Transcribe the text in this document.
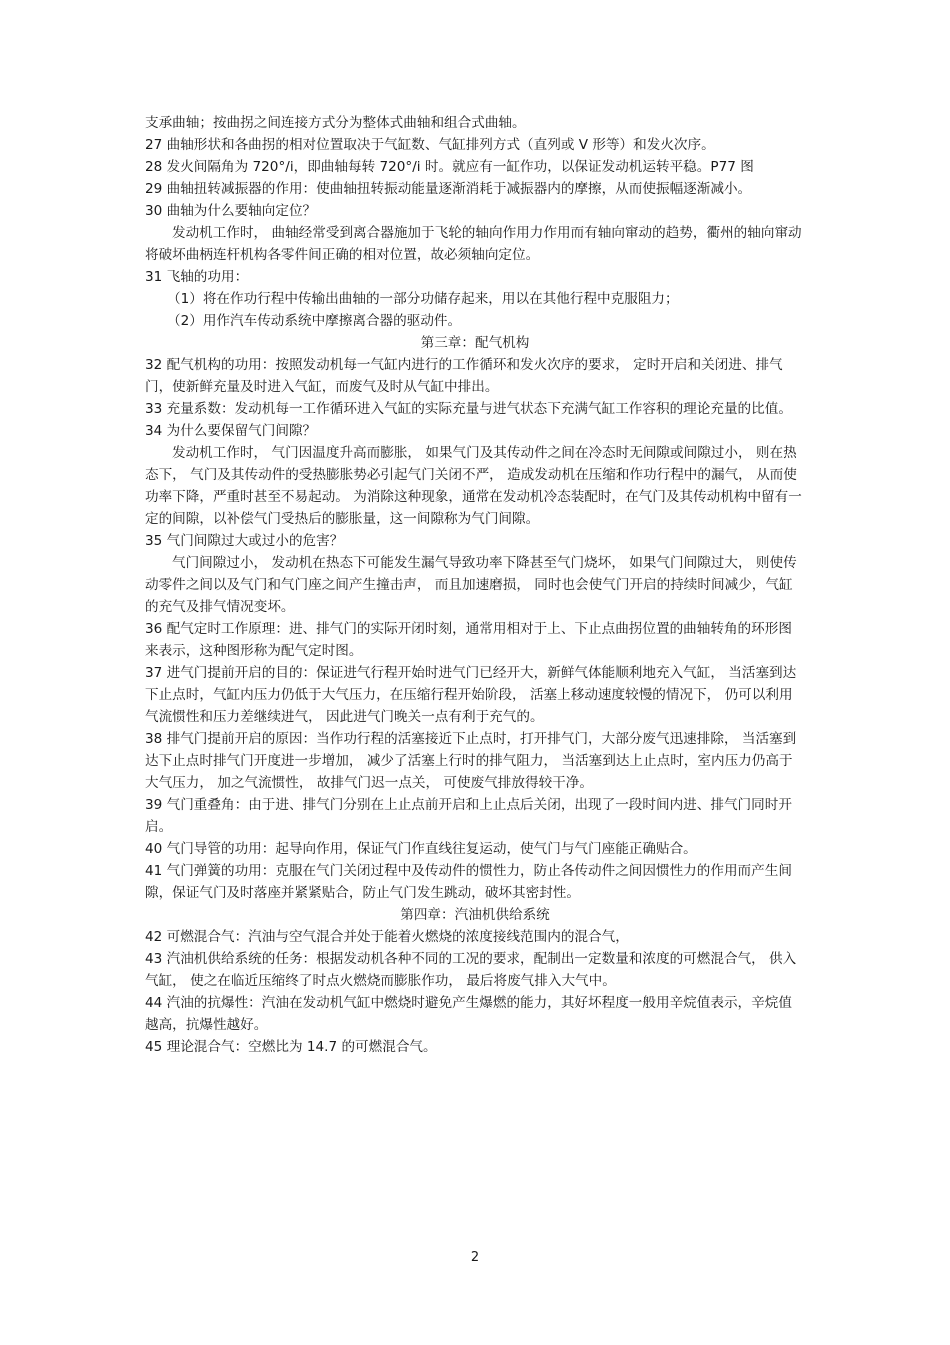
支承曲轴；按曲拐之间连接方式分为整体式曲轴和组合式曲轴。
27 曲轴形状和各曲拐的相对位置取决于气缸数、气缸排列方式（直列或 V 形等）和发火次序。
28 发火间隔角为 720°/i，即曲轴每转 720°/i 时。就应有一缸作功，以保证发动机运转平稳。P77 图
29 曲轴扭转减振器的作用：使曲轴扭转振动能量逐渐消耗于减振器内的摩擦，从而使振幅逐渐减小。
30 曲轴为什么要轴向定位？
发动机工作时， 曲轴经常受到离合器施加于飞轮的轴向作用力作用而有轴向窜动的趋势，衢州的轴向窜动将破坏曲柄连杆机构各零件间正确的相对位置，故必须轴向定位。
31 飞轴的功用：
（1）将在作功行程中传输出曲轴的一部分功储存起来，用以在其他行程中克服阻力；
（2）用作汽车传动系统中摩擦离合器的驱动件。
第三章：配气机构
32 配气机构的功用：按照发动机每一气缸内进行的工作循环和发火次序的要求， 定时开启和关闭进、排气门，使新鲜充量及时进入气缸，而废气及时从气缸中排出。
33 充量系数：发动机每一工作循环进入气缸的实际充量与进气状态下充满气缸工作容积的理论充量的比值。
34 为什么要保留气门间隙？
发动机工作时， 气门因温度升高而膨胀， 如果气门及其传动件之间在冷态时无间隙或间隙过小， 则在热态下， 气门及其传动件的受热膨胀势必引起气门关闭不严， 造成发动机在压缩和作功行程中的漏气， 从而使功率下降，严重时甚至不易起动。 为消除这种现象，通常在发动机冷态装配时，在气门及其传动机构中留有一定的间隙，以补偿气门受热后的膨胀量，这一间隙称为气门间隙。
35 气门间隙过大或过小的危害？
气门间隙过小， 发动机在热态下可能发生漏气导致功率下降甚至气门烧坏， 如果气门间隙过大， 则使传动零件之间以及气门和气门座之间产生撞击声， 而且加速磨损， 同时也会使气门开启的持续时间减少，气缸的充气及排气情况变坏。
36 配气定时工作原理：进、排气门的实际开闭时刻，通常用相对于上、下止点曲拐位置的曲轴转角的环形图来表示，这种图形称为配气定时图。
37 进气门提前开启的目的：保证进气行程开始时进气门已经开大，新鲜气体能顺利地充入气缸， 当活塞到达下止点时，气缸内压力仍低于大气压力，在压缩行程开始阶段， 活塞上移动速度较慢的情况下， 仍可以利用气流惯性和压力差继续进气， 因此进气门晚关一点有利于充气的。
38 排气门提前开启的原因：当作功行程的活塞接近下止点时，打开排气门，大部分废气迅速排除， 当活塞到达下止点时排气门开度进一步增加， 减少了活塞上行时的排气阻力， 当活塞到达上止点时，室内压力仍高于大气压力， 加之气流惯性， 故排气门迟一点关， 可使废气排放得较干净。
39 气门重叠角：由于进、排气门分别在上止点前开启和上止点后关闭，出现了一段时间内进、排气门同时开启。
40 气门导管的功用：起导向作用，保证气门作直线往复运动，使气门与气门座能正确贴合。
41 气门弹簧的功用：克服在气门关闭过程中及传动件的惯性力，防止各传动件之间因惯性力的作用而产生间隙，保证气门及时落座并紧紧贴合，防止气门发生跳动，破坏其密封性。
第四章：汽油机供给系统
42 可燃混合气：汽油与空气混合并处于能着火燃烧的浓度接线范围内的混合气，
43 汽油机供给系统的任务：根据发动机各种不同的工况的要求，配制出一定数量和浓度的可燃混合气， 供入气缸， 使之在临近压缩终了时点火燃烧而膨胀作功， 最后将废气排入大气中。
44 汽油的抗爆性：汽油在发动机气缸中燃烧时避免产生爆燃的能力，其好坏程度一般用辛烷值表示，辛烷值越高，抗爆性越好。
45 理论混合气：空燃比为 14.7 的可燃混合气。
2
